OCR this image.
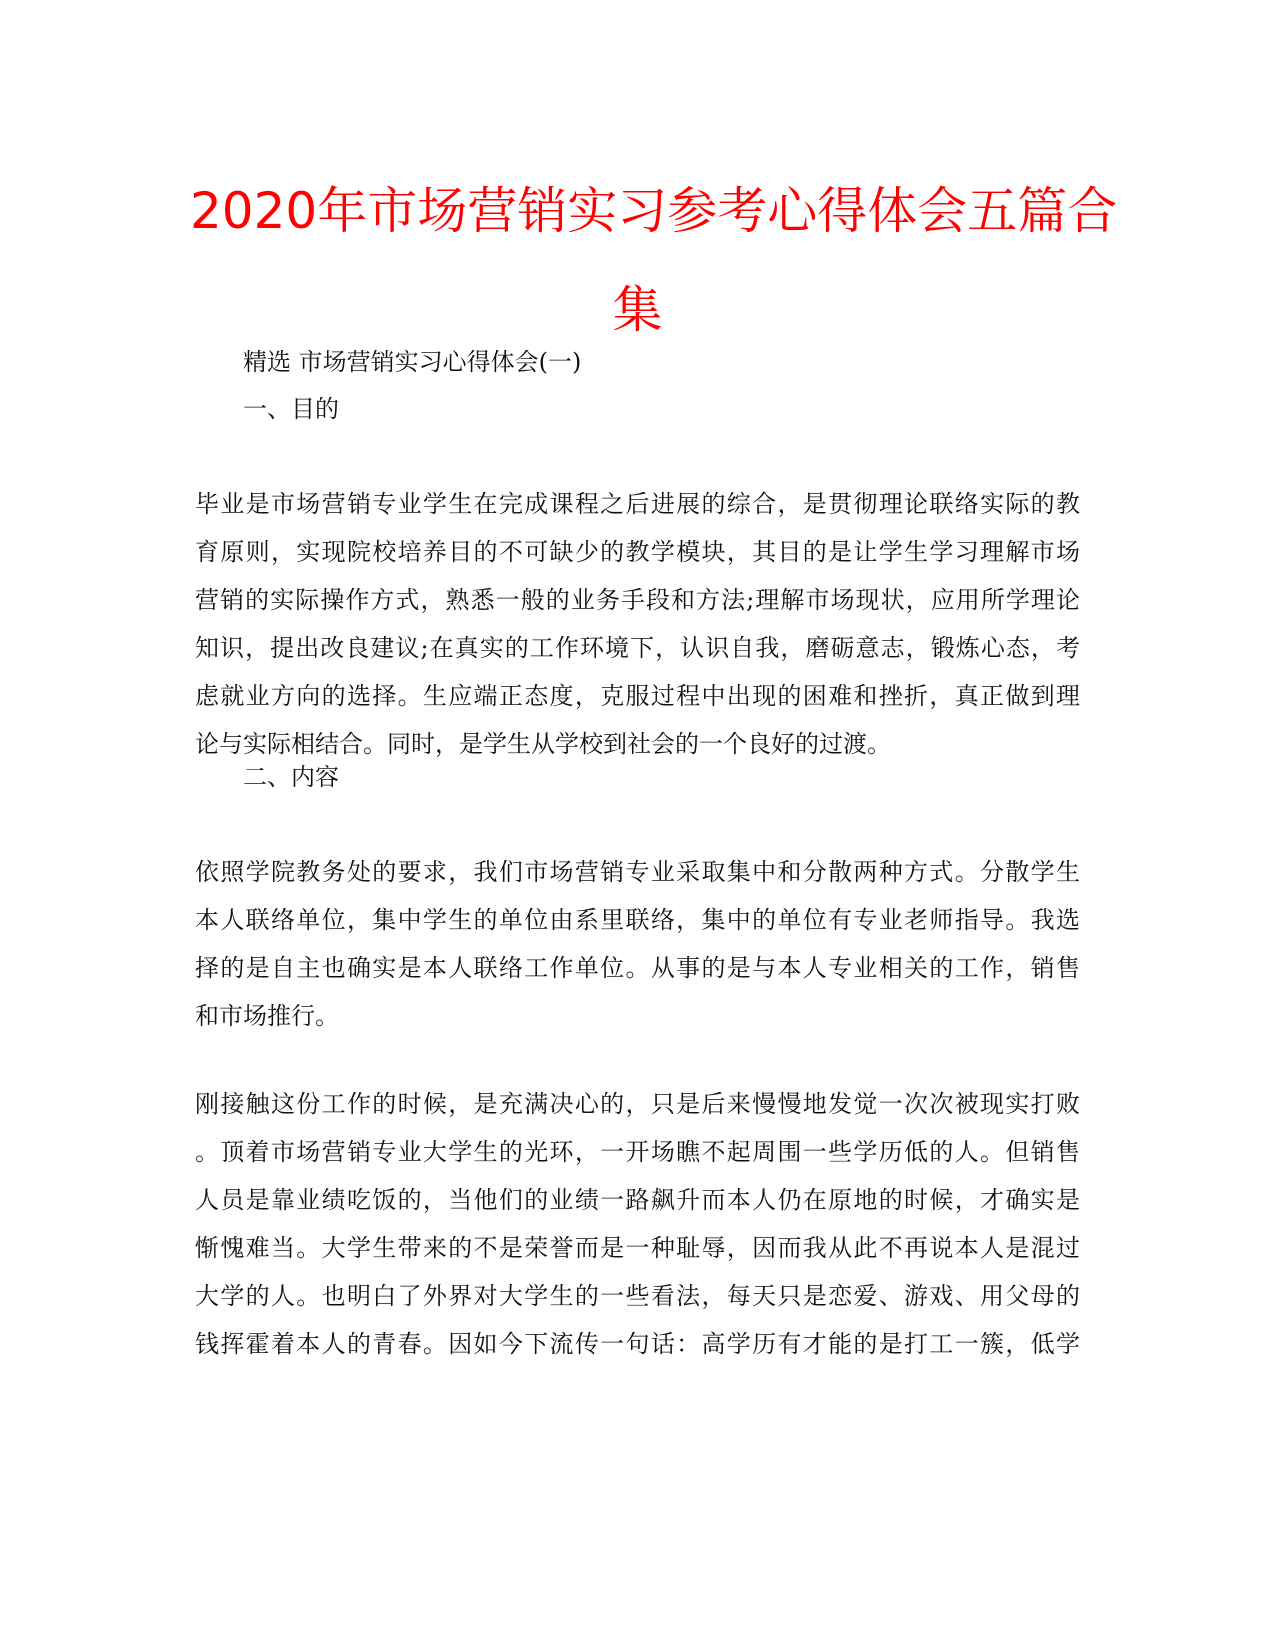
2020年市场营销实习参考心得体会五篇合
集

精选 市场营销实习心得体会(一)

一、目的

毕业是市场营销专业学生在完成课程之后进展的综合，是贯彻理论联络实际的教
育原则，实现院校培养目的不可缺少的教学模块，其目的是让学生学习理解市场
营销的实际操作方式，熟悉一般的业务手段和方法;理解市场现状，应用所学理论
知识，提出改良建议;在真实的工作环境下，认识自我，磨砺意志，锻炼心态，考
虑就业方向的选择。生应端正态度，克服过程中出现的困难和挫折，真正做到理
论与实际相结合。同时，是学生从学校到社会的一个良好的过渡。

二、内容

依照学院教务处的要求，我们市场营销专业采取集中和分散两种方式。分散学生
本人联络单位，集中学生的单位由系里联络，集中的单位有专业老师指导。我选
择的是自主也确实是本人联络工作单位。从事的是与本人专业相关的工作，销售
和市场推行。
刚接触这份工作的时候，是充满决心的，只是后来慢慢地发觉一次次被现实打败
。顶着市场营销专业大学生的光环，一开场瞧不起周围一些学历低的人。但销售
人员是靠业绩吃饭的，当他们的业绩一路飙升而本人仍在原地的时候，才确实是
惭愧难当。大学生带来的不是荣誉而是一种耻辱，因而我从此不再说本人是混过
大学的人。也明白了外界对大学生的一些看法，每天只是恋爱、游戏、用父母的
钱挥霍着本人的青春。因如今下流传一句话：高学历有才能的是打工一簇，低学
